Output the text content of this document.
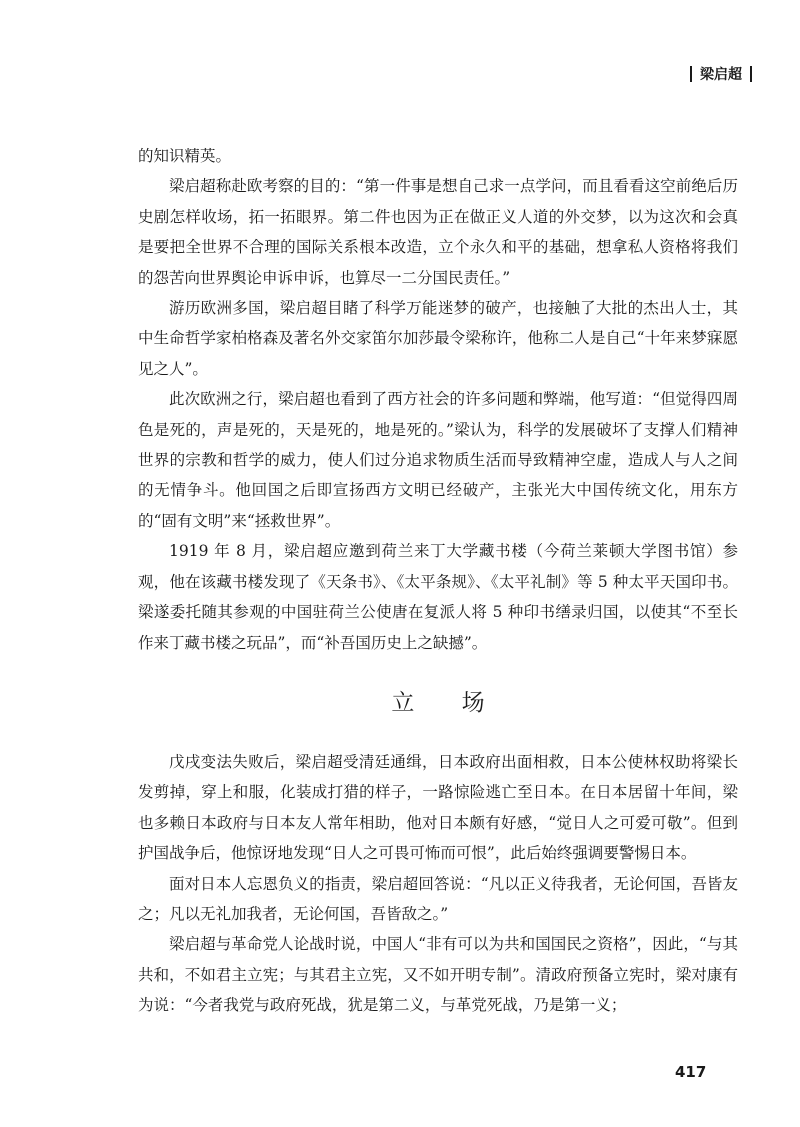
梁启超

的知识精英。

梁启超称赴欧考察的目的：“第一件事是想自己求一点学问，而且看看这空前绝后历史剧怎样收场，拓一拓眼界。第二件也因为正在做正义人道的外交梦，以为这次和会真是要把全世界不合理的国际关系根本改造，立个永久和平的基础，想拿私人资格将我们的怨苦向世界舆论申诉申诉，也算尽一二分国民责任。”

游历欧洲多国，梁启超目睹了科学万能迷梦的破产，也接触了大批的杰出人士，其中生命哲学家柏格森及著名外交家笛尔加莎最令梁称许，他称二人是自己“十年来梦寐愿见之人”。

此次欧洲之行，梁启超也看到了西方社会的许多问题和弊端，他写道：“但觉得四周色是死的，声是死的，天是死的，地是死的。”梁认为，科学的发展破坏了支撑人们精神世界的宗教和哲学的威力，使人们过分追求物质生活而导致精神空虚，造成人与人之间的无情争斗。他回国之后即宣扬西方文明已经破产，主张光大中国传统文化，用东方的“固有文明”来“拯救世界”。

1919 年 8 月，梁启超应邀到荷兰来丁大学藏书楼（今荷兰莱顿大学图书馆）参观，他在该藏书楼发现了《天条书》、《太平条规》、《太平礼制》等 5 种太平天国印书。梁遂委托随其参观的中国驻荷兰公使唐在复派人将 5 种印书缮录归国，以使其“不至长作来丁藏书楼之玩品”，而“补吾国历史上之缺撼”。

立 场

戊戌变法失败后，梁启超受清廷通缉，日本政府出面相救，日本公使林权助将梁长发剪掉，穿上和服，化装成打猎的样子，一路惊险逃亡至日本。在日本居留十年间，梁也多赖日本政府与日本友人常年相助，他对日本颇有好感，“觉日人之可爱可敬”。但到护国战争后，他惊讶地发现“日人之可畏可怖而可恨”，此后始终强调要警惕日本。

面对日本人忘恩负义的指责，梁启超回答说：“凡以正义待我者，无论何国，吾皆友之；凡以无礼加我者，无论何国，吾皆敌之。”

梁启超与革命党人论战时说，中国人“非有可以为共和国国民之资格”，因此，“与其共和，不如君主立宪；与其君主立宪，又不如开明专制”。清政府预备立宪时，梁对康有为说：“今者我党与政府死战，犹是第二义，与革党死战，乃是第一义；

417
